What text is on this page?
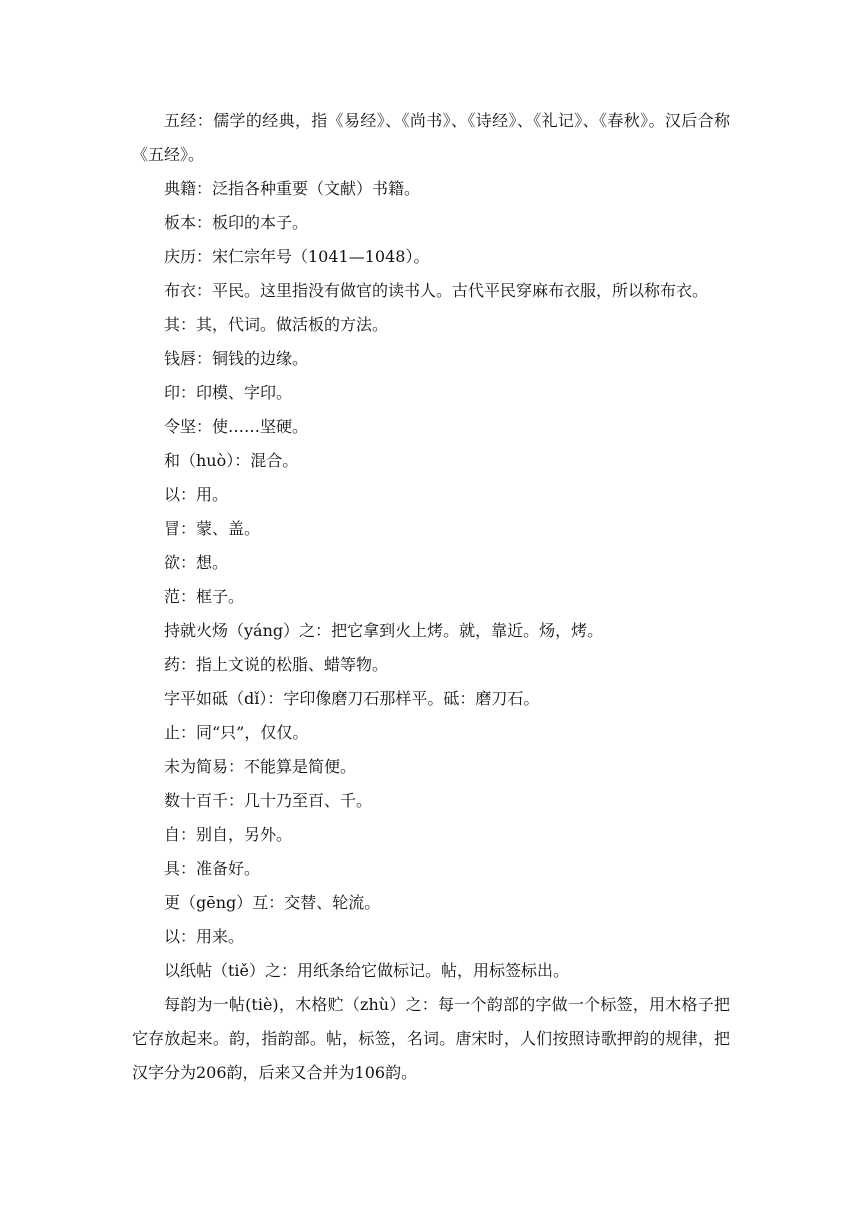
五经：儒学的经典，指《易经》、《尚书》、《诗经》、《礼记》、《春秋》。汉后合称《五经》。

典籍：泛指各种重要（文献）书籍。

板本：板印的本子。

庆历：宋仁宗年号（1041—1048）。

布衣：平民。这里指没有做官的读书人。古代平民穿麻布衣服，所以称布衣。

其：其，代词。做活板的方法。

钱唇：铜钱的边缘。

印：印模、字印。

令坚：使……坚硬。

和（huò）：混合。

以：用。

冒：蒙、盖。

欲：想。

范：框子。

持就火炀（yáng）之：把它拿到火上烤。就，靠近。炀，烤。

药：指上文说的松脂、蜡等物。

字平如砥（dǐ）：字印像磨刀石那样平。砥：磨刀石。

止：同“只”，仅仅。

未为简易：不能算是简便。

数十百千：几十乃至百、千。

自：别自，另外。

具：准备好。

更（gēng）互：交替、轮流。

以：用来。

以纸帖（tiě）之：用纸条给它做标记。帖，用标签标出。

每韵为一帖(tiè)，木格贮（zhù）之：每一个韵部的字做一个标签，用木格子把它存放起来。韵，指韵部。帖，标签，名词。唐宋时，人们按照诗歌押韵的规律，把汉字分为206韵，后来又合并为106韵。
